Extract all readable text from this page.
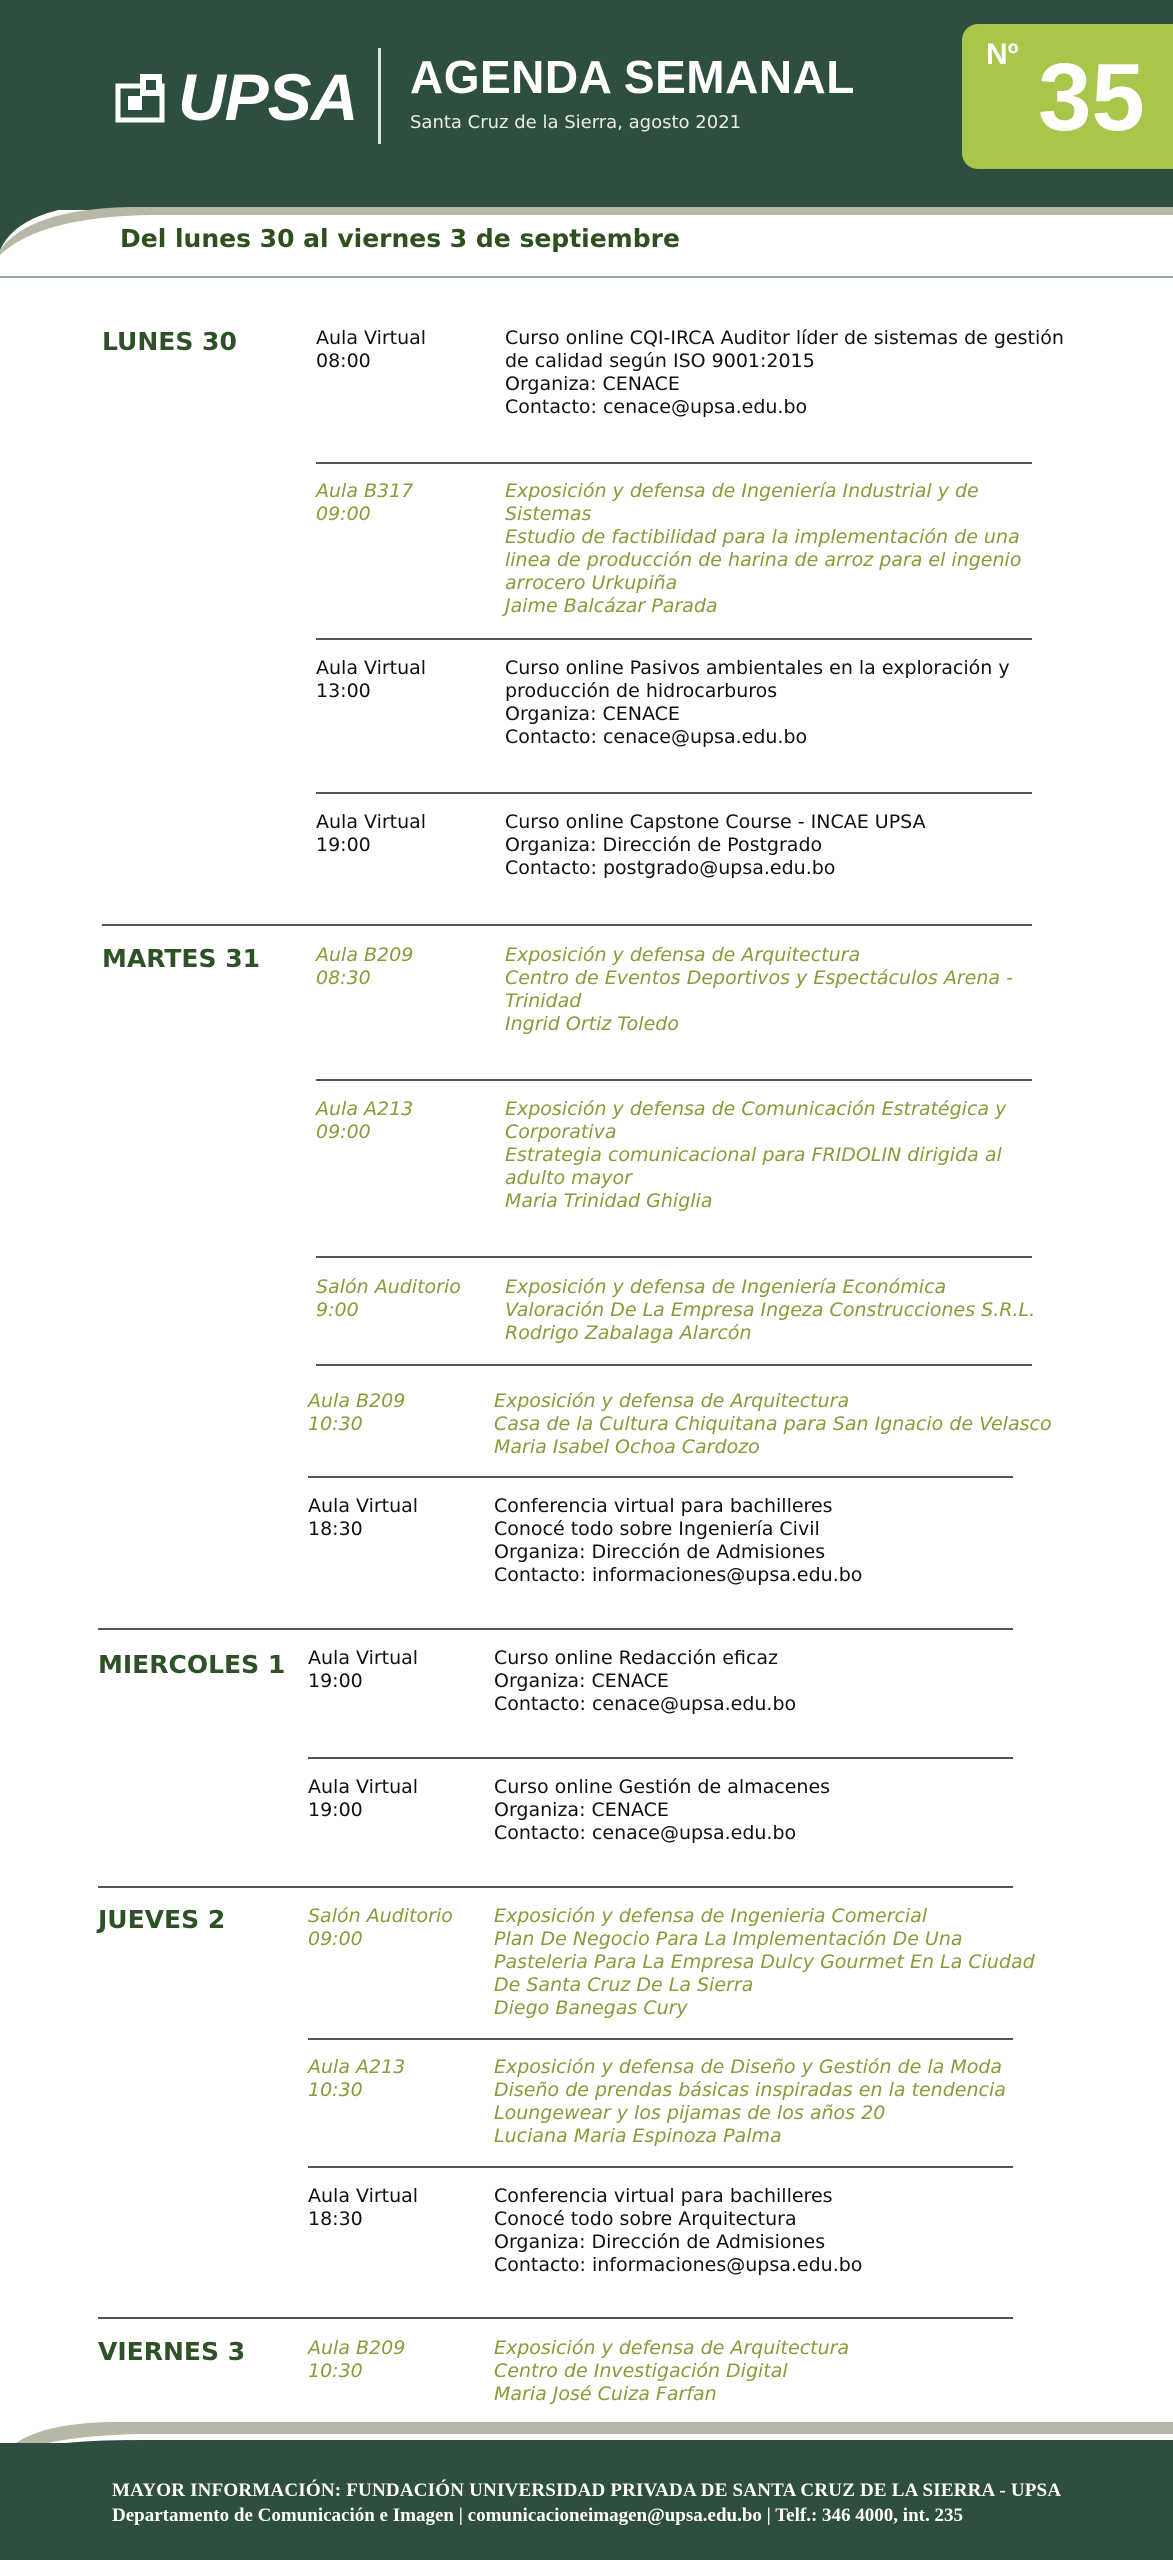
UPSA AGENDA SEMANAL
Santa Cruz de la Sierra, agosto 2021
Nº 35
Del lunes 30 al viernes 3 de septiembre
LUNES 30
MARTES 31
MIERCOLES 1
JUEVES 2
VIERNES 3
Aula Virtual
08:00
Curso online CQI-IRCA Auditor líder de sistemas de gestión
de calidad según ISO 9001:2015
Organiza: CENACE
Contacto: cenace@upsa.edu.bo
Aula B317
09:00
Exposición y defensa de Ingeniería Industrial y de
Sistemas
Estudio de factibilidad para la implementación de una
linea de producción de harina de arroz para el ingenio
arrocero Urkupiña
Jaime Balcázar Parada
Aula Virtual
13:00
Curso online Pasivos ambientales en la exploración y
producción de hidrocarburos
Organiza: CENACE
Contacto: cenace@upsa.edu.bo
Aula Virtual
19:00
Curso online Capstone Course - INCAE UPSA
Organiza: Dirección de Postgrado
Contacto: postgrado@upsa.edu.bo
Aula B209
08:30
Exposición y defensa de Arquitectura
Centro de Eventos Deportivos y Espectáculos Arena -
Trinidad
Ingrid Ortiz Toledo
Aula A213
09:00
Exposición y defensa de Comunicación Estratégica y
Corporativa
Estrategia comunicacional para FRIDOLIN dirigida al
adulto mayor
Maria Trinidad Ghiglia
Salón Auditorio
9:00
Exposición y defensa de Ingeniería Económica
Valoración De La Empresa Ingeza Construcciones S.R.L.
Rodrigo Zabalaga Alarcón
Aula B209
10:30
Exposición y defensa de Arquitectura
Casa de la Cultura Chiquitana para San Ignacio de Velasco
Maria Isabel Ochoa Cardozo
Aula Virtual
18:30
Conferencia virtual para bachilleres
Conocé todo sobre Ingeniería Civil
Organiza: Dirección de Admisiones
Contacto: informaciones@upsa.edu.bo
Aula Virtual
19:00
Curso online Redacción eficaz
Organiza: CENACE
Contacto: cenace@upsa.edu.bo
Aula Virtual
19:00
Curso online Gestión de almacenes
Organiza: CENACE
Contacto: cenace@upsa.edu.bo
Salón Auditorio
09:00
Exposición y defensa de Ingenieria Comercial
Plan De Negocio Para La Implementación De Una
Pasteleria Para La Empresa Dulcy Gourmet En La Ciudad
De Santa Cruz De La Sierra
Diego Banegas Cury
Aula A213
10:30
Exposición y defensa de Diseño y Gestión de la Moda
Diseño de prendas básicas inspiradas en la tendencia
Loungewear y los pijamas de los años 20
Luciana Maria Espinoza Palma
Aula Virtual
18:30
Conferencia virtual para bachilleres
Conocé todo sobre Arquitectura
Organiza: Dirección de Admisiones
Contacto: informaciones@upsa.edu.bo
Aula B209
10:30
Exposición y defensa de Arquitectura
Centro de Investigación Digital
Maria José Cuiza Farfan
MAYOR INFORMACIÓN: FUNDACIÓN UNIVERSIDAD PRIVADA DE SANTA CRUZ DE LA SIERRA - UPSA
Departamento de Comunicación e Imagen | comunicacioneimagen@upsa.edu.bo | Telf.: 346 4000, int. 235
